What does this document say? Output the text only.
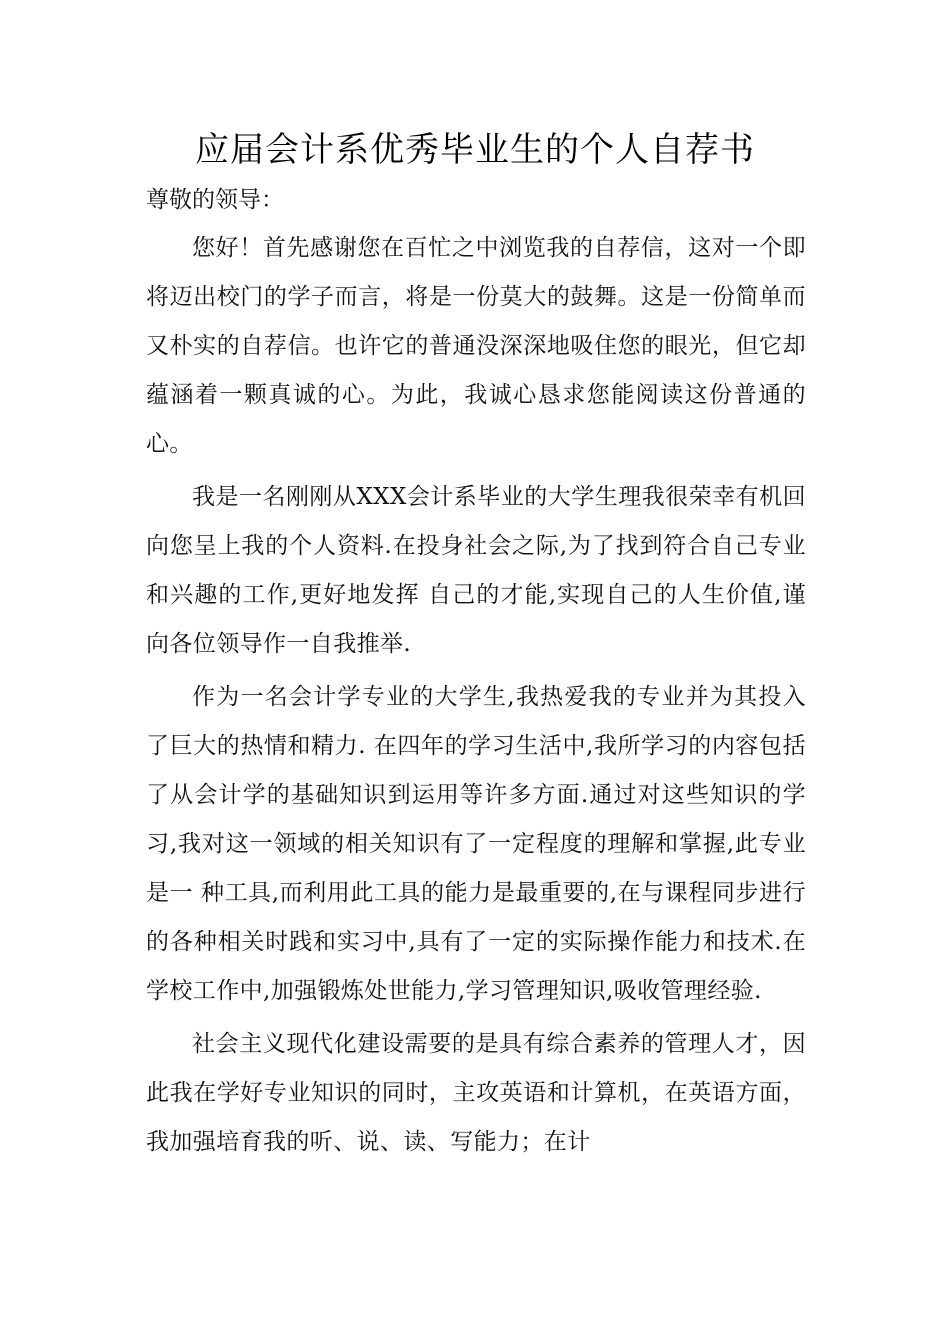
应届会计系优秀毕业生的个人自荐书

尊敬的领导：

您好！首先感谢您在百忙之中浏览我的自荐信，这对一个即将迈出校门的学子而言，将是一份莫大的鼓舞。这是一份简单而又朴实的自荐信。也许它的普通没深深地吸住您的眼光，但它却蕴涵着一颗真诚的心。为此，我诚心恳求您能阅读这份普通的心。

我是一名刚刚从XXX会计系毕业的大学生理我很荣幸有机回向您呈上我的个人资料.在投身社会之际,为了找到符合自己专业和兴趣的工作,更好地发挥 自己的才能,实现自己的人生价值,谨向各位领导作一自我推举.

作为一名会计学专业的大学生,我热爱我的专业并为其投入了巨大的热情和精力. 在四年的学习生活中,我所学习的内容包括了从会计学的基础知识到运用等许多方面.通过对这些知识的学习,我对这一领域的相关知识有了一定程度的理解和掌握,此专业是一 种工具,而利用此工具的能力是最重要的,在与课程同步进行的各种相关时践和实习中,具有了一定的实际操作能力和技术.在学校工作中,加强锻炼处世能力,学习管理知识,吸收管理经验.

社会主义现代化建设需要的是具有综合素养的管理人才，因此我在学好专业知识的同时，主攻英语和计算机，在英语方面，我加强培育我的听、说、读、写能力；在计
